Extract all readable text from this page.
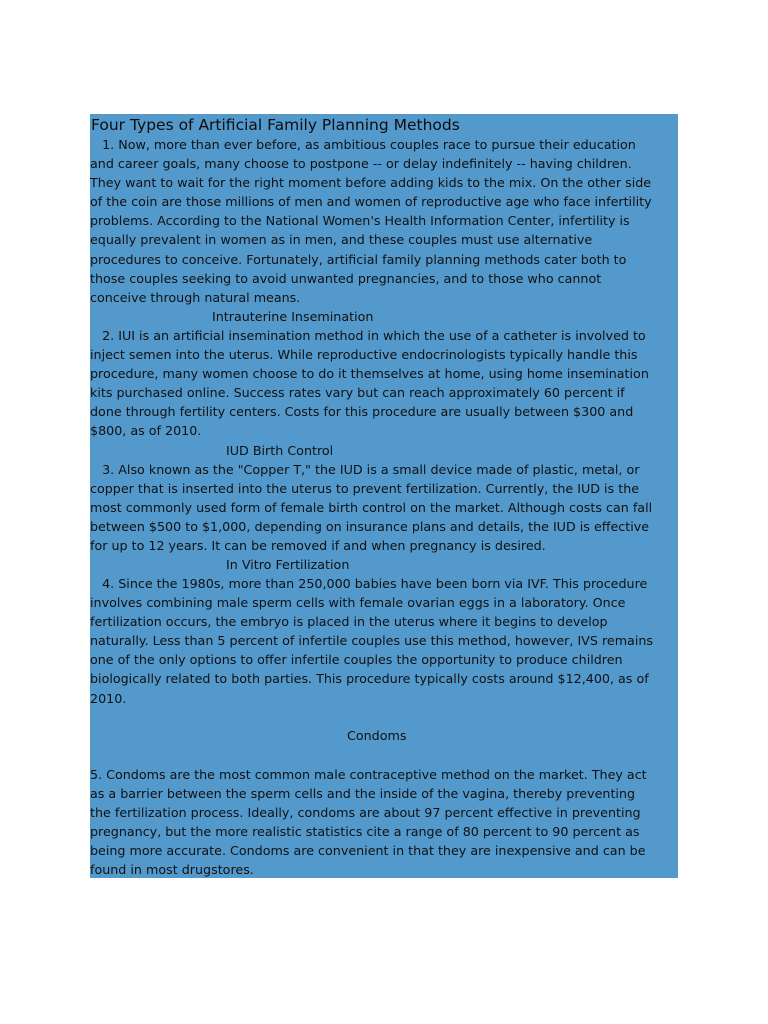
Four Types of Artificial Family Planning Methods
1. Now, more than ever before, as ambitious couples race to pursue their education
and career goals, many choose to postpone -- or delay indefinitely -- having children.
They want to wait for the right moment before adding kids to the mix. On the other side
of the coin are those millions of men and women of reproductive age who face infertility
problems. According to the National Women's Health Information Center, infertility is
equally prevalent in women as in men, and these couples must use alternative
procedures to conceive. Fortunately, artificial family planning methods cater both to
those couples seeking to avoid unwanted pregnancies, and to those who cannot
conceive through natural means.
Intrauterine Insemination
2. IUI is an artificial insemination method in which the use of a catheter is involved to
inject semen into the uterus. While reproductive endocrinologists typically handle this
procedure, many women choose to do it themselves at home, using home insemination
kits purchased online. Success rates vary but can reach approximately 60 percent if
done through fertility centers. Costs for this procedure are usually between $300 and
$800, as of 2010.
IUD Birth Control
3. Also known as the "Copper T," the IUD is a small device made of plastic, metal, or
copper that is inserted into the uterus to prevent fertilization. Currently, the IUD is the
most commonly used form of female birth control on the market. Although costs can fall
between $500 to $1,000, depending on insurance plans and details, the IUD is effective
for up to 12 years. It can be removed if and when pregnancy is desired.
In Vitro Fertilization
4. Since the 1980s, more than 250,000 babies have been born via IVF. This procedure
involves combining male sperm cells with female ovarian eggs in a laboratory. Once
fertilization occurs, the embryo is placed in the uterus where it begins to develop
naturally. Less than 5 percent of infertile couples use this method, however, IVS remains
one of the only options to offer infertile couples the opportunity to produce children
biologically related to both parties. This procedure typically costs around $12,400, as of
2010.
Condoms
5. Condoms are the most common male contraceptive method on the market. They act
as a barrier between the sperm cells and the inside of the vagina, thereby preventing
the fertilization process. Ideally, condoms are about 97 percent effective in preventing
pregnancy, but the more realistic statistics cite a range of 80 percent to 90 percent as
being more accurate. Condoms are convenient in that they are inexpensive and can be
found in most drugstores.
